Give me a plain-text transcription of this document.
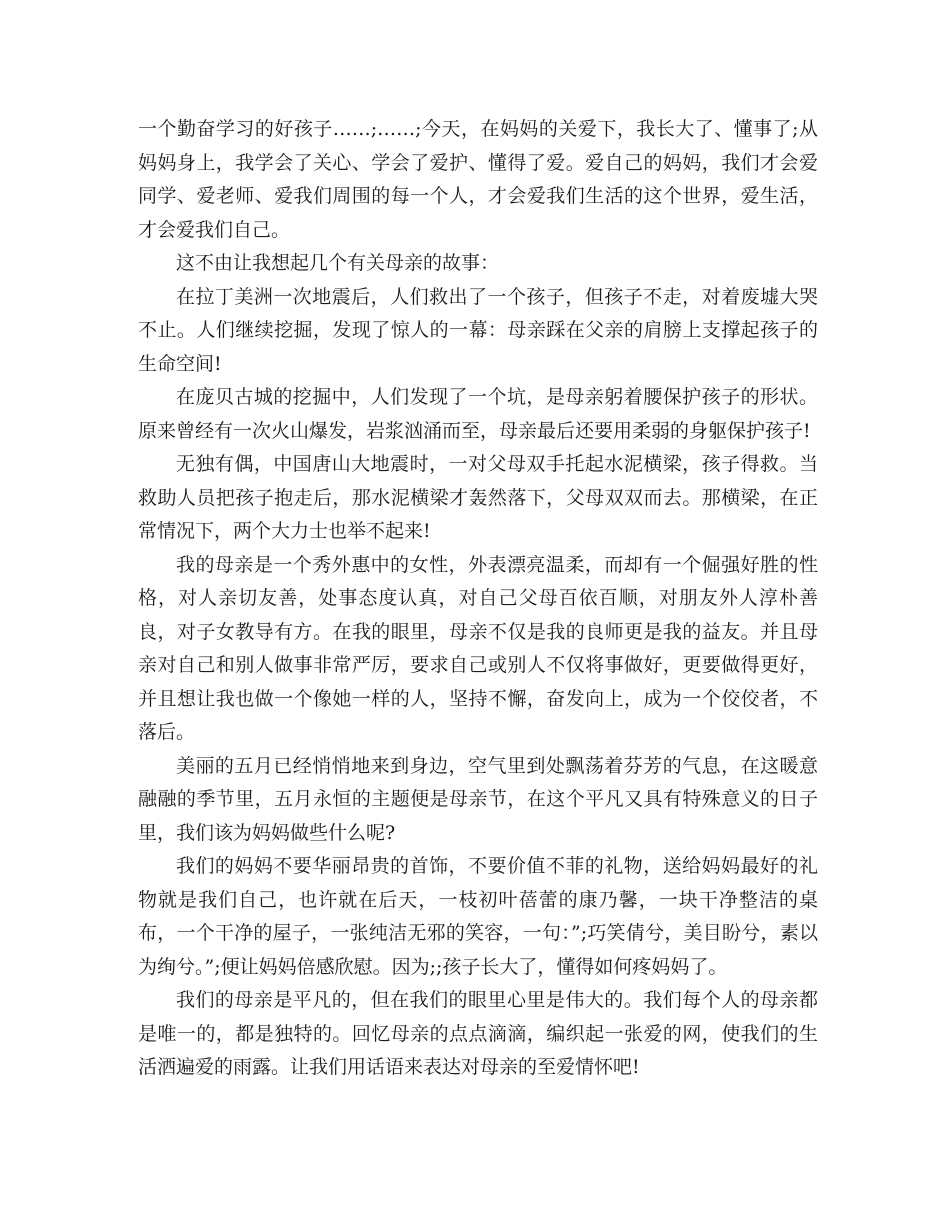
一个勤奋学习的好孩子……;……;今天，在妈妈的关爱下，我长大了、懂事了;从妈妈身上，我学会了关心、学会了爱护、懂得了爱。爱自己的妈妈，我们才会爱同学、爱老师、爱我们周围的每一个人，才会爱我们生活的这个世界，爱生活，才会爱我们自己。

这不由让我想起几个有关母亲的故事：

在拉丁美洲一次地震后，人们救出了一个孩子，但孩子不走，对着废墟大哭不止。人们继续挖掘，发现了惊人的一幕：母亲踩在父亲的肩膀上支撑起孩子的生命空间!

在庞贝古城的挖掘中，人们发现了一个坑，是母亲躬着腰保护孩子的形状。原来曾经有一次火山爆发，岩浆汹涌而至，母亲最后还要用柔弱的身躯保护孩子!

无独有偶，中国唐山大地震时，一对父母双手托起水泥横梁，孩子得救。当救助人员把孩子抱走后，那水泥横梁才轰然落下，父母双双而去。那横梁，在正常情况下，两个大力士也举不起来!

我的母亲是一个秀外惠中的女性，外表漂亮温柔，而却有一个倔强好胜的性格，对人亲切友善，处事态度认真，对自己父母百依百顺，对朋友外人淳朴善良，对子女教导有方。在我的眼里，母亲不仅是我的良师更是我的益友。并且母亲对自己和别人做事非常严厉，要求自己或别人不仅将事做好，更要做得更好，并且想让我也做一个像她一样的人，坚持不懈，奋发向上，成为一个佼佼者，不落后。

美丽的五月已经悄悄地来到身边，空气里到处飘荡着芬芳的气息，在这暖意融融的季节里，五月永恒的主题便是母亲节，在这个平凡又具有特殊意义的日子里，我们该为妈妈做些什么呢?

我们的妈妈不要华丽昂贵的首饰，不要价值不菲的礼物，送给妈妈最好的礼物就是我们自己，也许就在后天，一枝初叶蓓蕾的康乃馨，一块干净整洁的桌布，一个干净的屋子，一张纯洁无邪的笑容，一句：”;巧笑倩兮，美目盼兮，素以为绚兮。”;便让妈妈倍感欣慰。因为;;孩子长大了，懂得如何疼妈妈了。

我们的母亲是平凡的，但在我们的眼里心里是伟大的。我们每个人的母亲都是唯一的，都是独特的。回忆母亲的点点滴滴，编织起一张爱的网，使我们的生活洒遍爱的雨露。让我们用话语来表达对母亲的至爱情怀吧!
